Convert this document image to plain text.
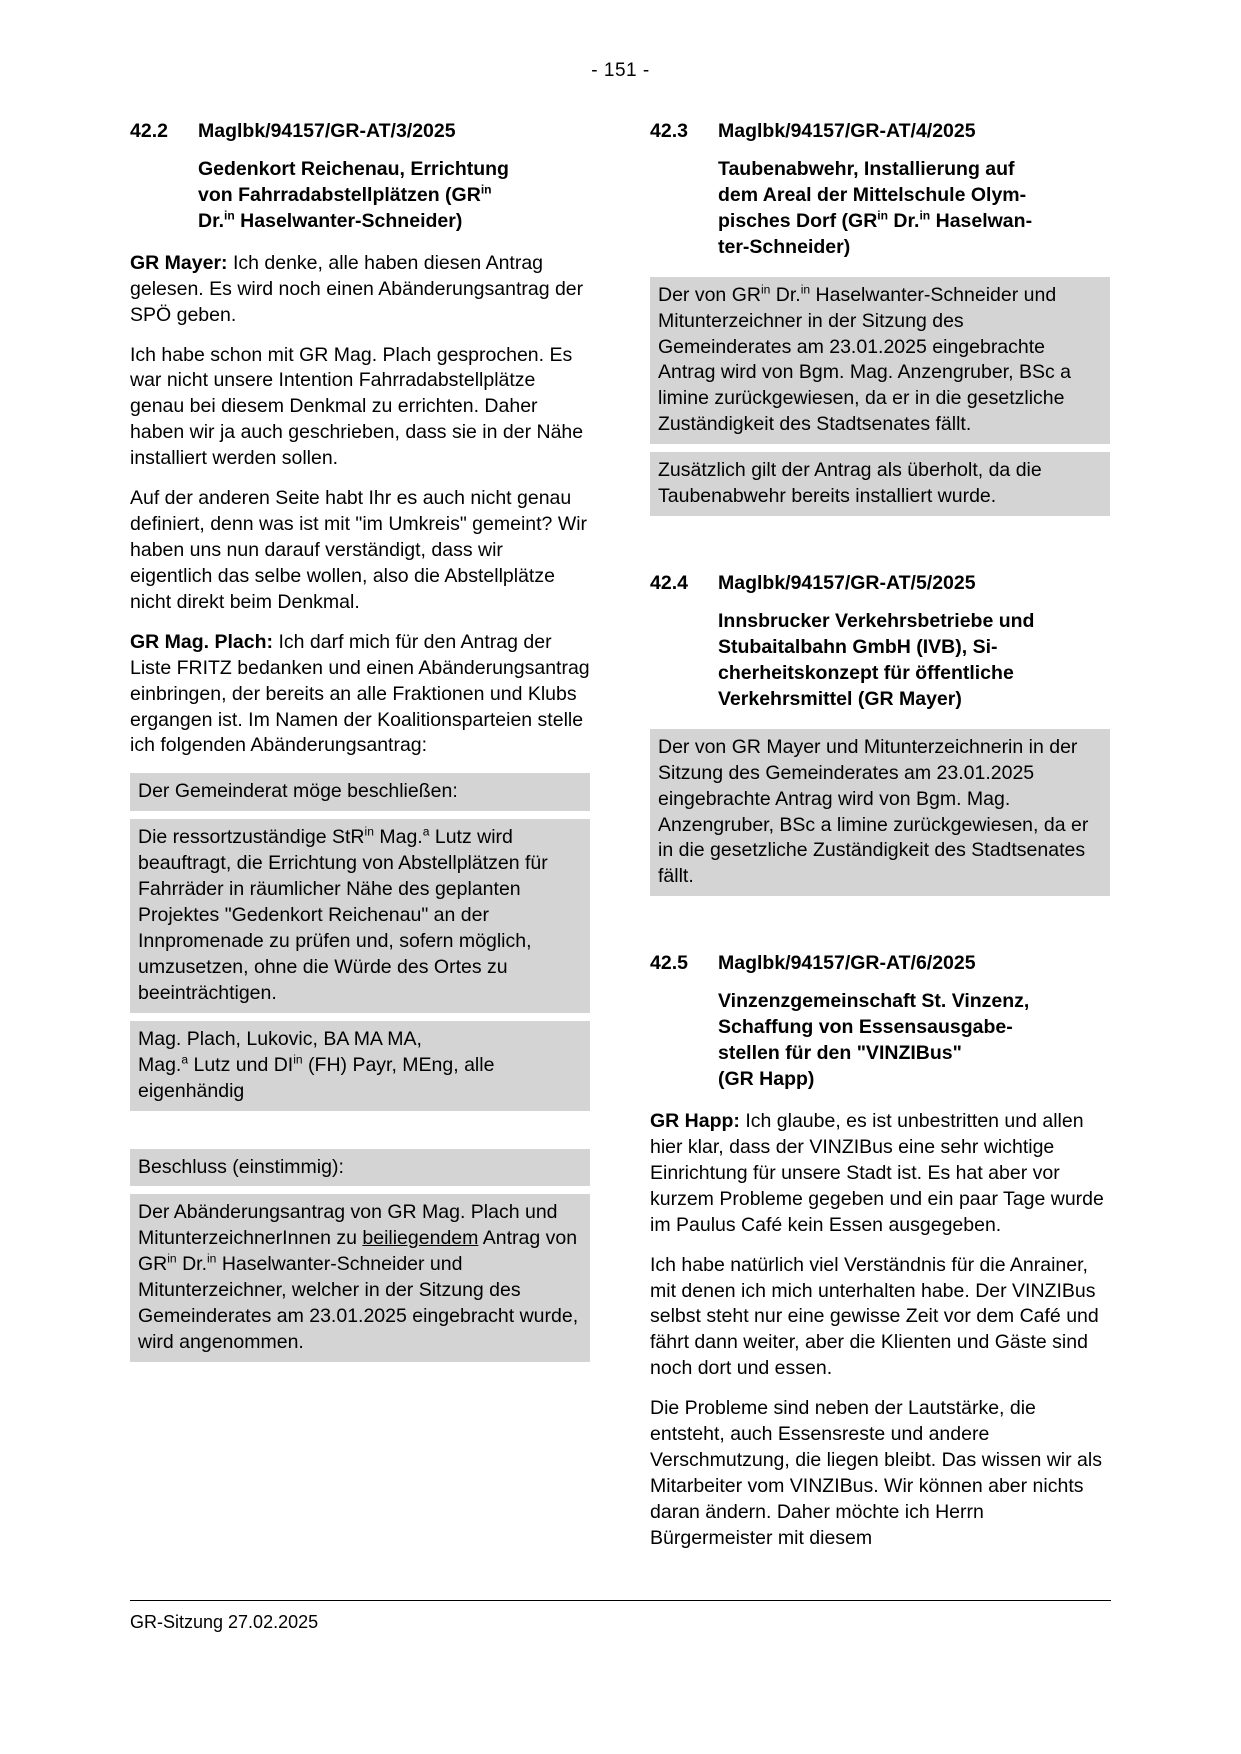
- 151 -
42.2	Maglbk/94157/GR-AT/3/2025
Gedenkort Reichenau, Errichtung
von Fahrradabstellplätzen ($GR^{in}$
Dr.$^{in}$ Haselwanter-Schneider)

GR Mayer: Ich denke, alle haben diesen Antrag gelesen. Es wird noch einen Abänderungsantrag der SPÖ geben.

Ich habe schon mit GR Mag. Plach gesprochen. Es war nicht unsere Intention Fahrradabstellplätze genau bei diesem Denkmal zu errichten. Daher haben wir ja auch geschrieben, dass sie in der Nähe installiert werden sollen.

Auf der anderen Seite habt Ihr es auch nicht genau definiert, denn was ist mit "im Umkreis" gemeint? Wir haben uns nun darauf verständigt, dass wir eigentlich das selbe wollen, also die Abstellplätze nicht direkt beim Denkmal.

GR Mag. Plach: Ich darf mich für den Antrag der Liste FRITZ bedanken und einen Abänderungsantrag einbringen, der bereits an alle Fraktionen und Klubs ergangen ist. Im Namen der Koalitionsparteien stelle ich folgenden Abänderungsantrag:

Der Gemeinderat möge beschließen:

Die ressortzuständige StR$^{in}$ Mag.$^a$ Lutz wird beauftragt, die Errichtung von Abstellplätzen für Fahrräder in räumlicher Nähe des geplanten Projektes "Gedenkort Reichenau" an der Innpromenade zu prüfen und, sofern möglich, umzusetzen, ohne die Würde des Ortes zu beeinträchtigen.

Mag. Plach, Lukovic, BA MA MA,
Mag.$^a$ Lutz und $DI^{in}$ (FH) Payr, MEng, alle
eigenhändig

Beschluss (einstimmig):

Der Abänderungsantrag von GR Mag. Plach und MitunterzeichnerInnen zu beiliegendem Antrag von $GR^{in}$ Dr.$^{in}$ Haselwanter-Schneider und Mitunterzeichner, welcher in der Sitzung des Gemeinderates am 23.01.2025 eingebracht wurde, wird angenommen.

42.3	Maglbk/94157/GR-AT/4/2025
Taubenabwehr, Installierung auf
dem Areal der Mittelschule Olym-
pisches Dorf ($GR^{in}$ Dr.$^{in}$ Haselwan-
ter-Schneider)

Der von $GR^{in}$ Dr.$^{in}$ Haselwanter-Schneider und Mitunterzeichner in der Sitzung des Gemeinderates am 23.01.2025 eingebrachte Antrag wird von Bgm. Mag. Anzengruber, BSc a limine zurückgewiesen, da er in die gesetzliche Zuständigkeit des Stadtsenates fällt.

Zusätzlich gilt der Antrag als überholt, da die Taubenabwehr bereits installiert wurde.

42.4	Maglbk/94157/GR-AT/5/2025
Innsbrucker Verkehrsbetriebe und
Stubaitalbahn GmbH (IVB), Si-
cherheitskonzept für öffentliche
Verkehrsmittel (GR Mayer)

Der von GR Mayer und Mitunterzeichnerin in der Sitzung des Gemeinderates am 23.01.2025 eingebrachte Antrag wird von Bgm. Mag. Anzengruber, BSc a limine zurückgewiesen, da er in die gesetzliche Zuständigkeit des Stadtsenates fällt.

42.5	Maglbk/94157/GR-AT/6/2025
Vinzenzgemeinschaft St. Vinzenz,
Schaffung von Essensausgabe-
stellen für den "VINZIBus"
(GR Happ)

GR Happ: Ich glaube, es ist unbestritten und allen hier klar, dass der VINZIBus eine sehr wichtige Einrichtung für unsere Stadt ist. Es hat aber vor kurzem Probleme gegeben und ein paar Tage wurde im Paulus Café kein Essen ausgegeben.

Ich habe natürlich viel Verständnis für die Anrainer, mit denen ich mich unterhalten habe. Der VINZIBus selbst steht nur eine gewisse Zeit vor dem Café und fährt dann weiter, aber die Klienten und Gäste sind noch dort und essen.

Die Probleme sind neben der Lautstärke, die entsteht, auch Essensreste und andere Verschmutzung, die liegen bleibt. Das wissen wir als Mitarbeiter vom VINZIBus. Wir können aber nichts daran ändern. Daher möchte ich Herrn Bürgermeister mit diesem

GR-Sitzung 27.02.2025
